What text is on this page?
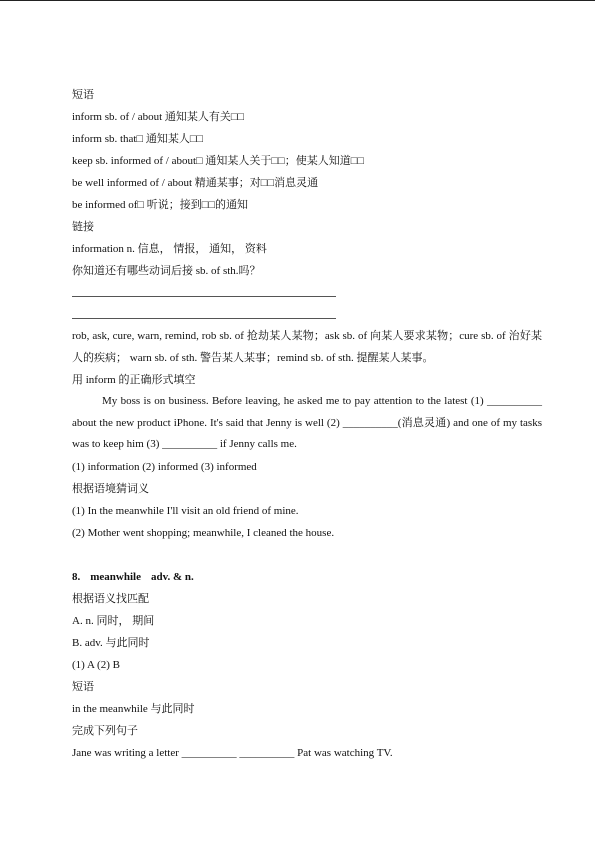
短语
inform sb. of / about 通知某人有关□□
inform sb. that□ 通知某人□□
keep sb. informed of / about□ 通知某人关于□□；使某人知道□□
be well informed of / about 精通某事；对□□消息灵通
be informed of□ 听说；接到□□的通知
链接
information n. 信息， 情报， 通知， 资料
你知道还有哪些动词后接 sb. of sth.吗？
rob, ask, cure, warn, remind, rob sb. of 抢劫某人某物；ask sb. of 向某人要求某物；cure sb. of 治好某人的疾病； warn sb. of sth. 警告某人某事；remind sb. of sth. 提醒某人某事。
用 inform 的正确形式填空
My boss is on business. Before leaving, he asked me to pay attention to the latest (1) __________ about the new product iPhone. It's said that Jenny is well (2) __________(消息灵通) and one of my tasks was to keep him (3) __________ if Jenny calls me.
(1) information (2) informed (3) informed
根据语境猜词义
(1) In the meanwhile I'll visit an old friend of mine.
(2) Mother went shopping; meanwhile, I cleaned the house.
8. meanwhile adv. & n.
根据语义找匹配
A. n. 同时， 期间
B. adv. 与此同时
(1) A (2) B
短语
in the meanwhile 与此同时
完成下列句子
Jane was writing a letter __________ __________ Pat was watching TV.
